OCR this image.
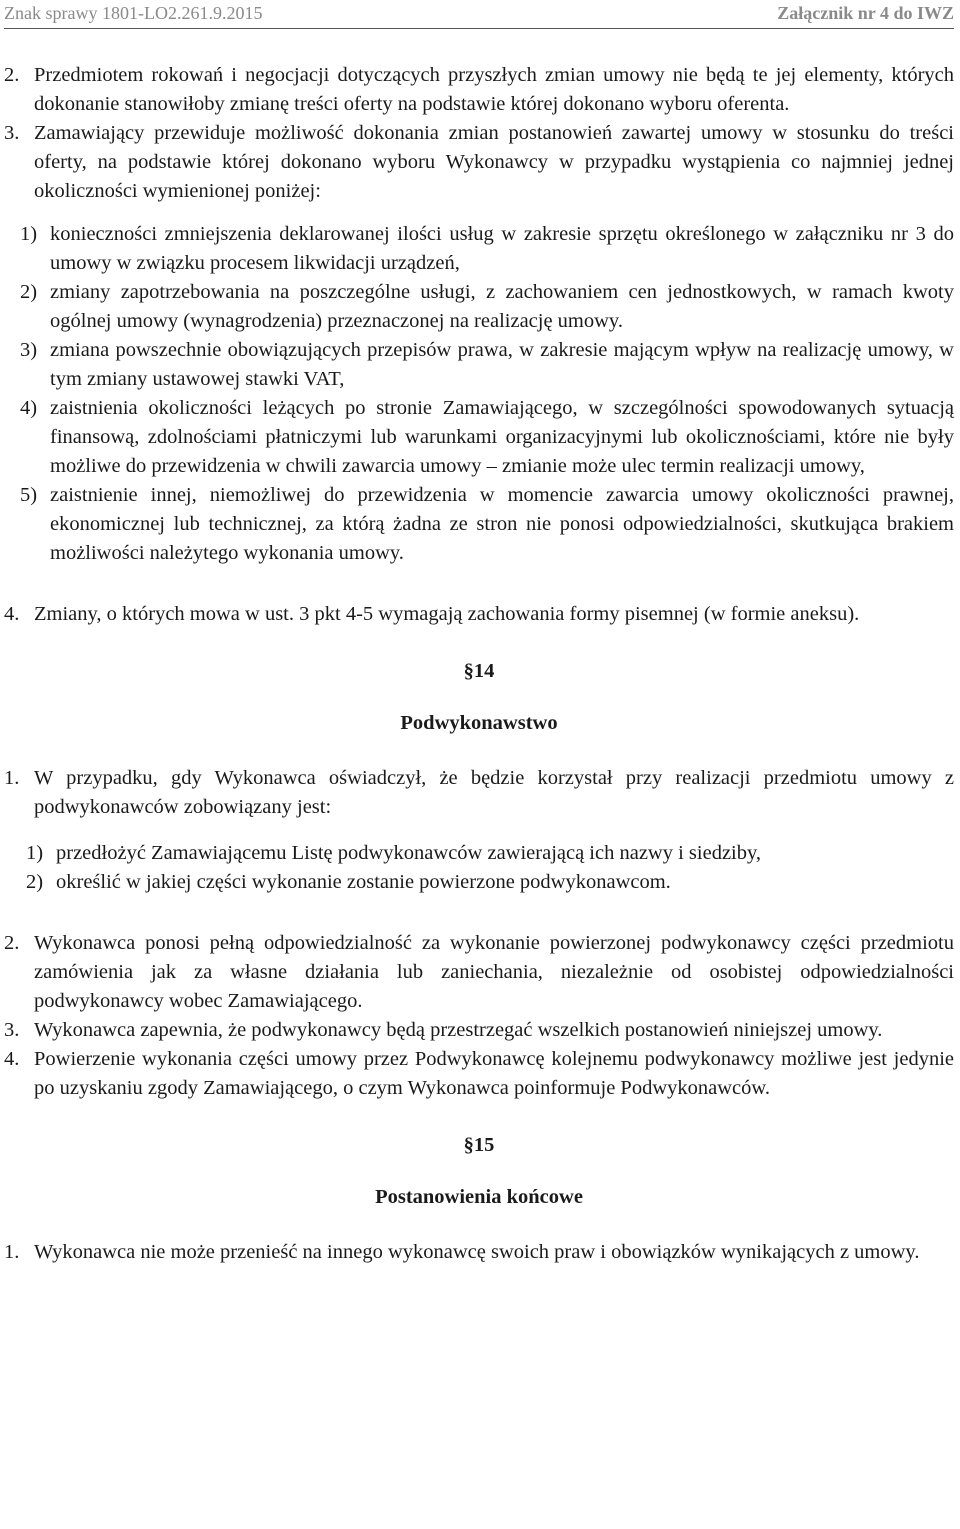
Znak sprawy 1801-LO2.261.9.2015	Załącznik nr 4 do IWZ
2. Przedmiotem rokowań i negocjacji dotyczących przyszłych zmian umowy nie będą te jej elementy, których dokonanie stanowiłoby zmianę treści oferty na podstawie której dokonano wyboru oferenta.
3. Zamawiający przewiduje możliwość dokonania zmian postanowień zawartej umowy w stosunku do treści oferty, na podstawie której dokonano wyboru Wykonawcy w przypadku wystąpienia co najmniej jednej okoliczności wymienionej poniżej:
1) konieczności zmniejszenia deklarowanej ilości usług w zakresie sprzętu określonego w załączniku nr 3 do umowy w związku procesem likwidacji urządzeń,
2) zmiany zapotrzebowania na poszczególne usługi, z zachowaniem cen jednostkowych, w ramach kwoty ogólnej umowy (wynagrodzenia) przeznaczonej na realizację umowy.
3) zmiana powszechnie obowiązujących przepisów prawa, w zakresie mającym wpływ na realizację umowy, w tym zmiany ustawowej stawki VAT,
4) zaistnienia okoliczności leżących po stronie Zamawiającego, w szczególności spowodowanych sytuacją finansową, zdolnościami płatniczymi lub warunkami organizacyjnymi lub okolicznościami, które nie były możliwe do przewidzenia w chwili zawarcia umowy – zmianie może ulec termin realizacji umowy,
5) zaistnienie innej, niemożliwej do przewidzenia w momencie zawarcia umowy okoliczności prawnej, ekonomicznej lub technicznej, za którą żadna ze stron nie ponosi odpowiedzialności, skutkująca brakiem możliwości należytego wykonania umowy.
4. Zmiany, o których mowa w ust. 3 pkt 4-5 wymagają zachowania formy pisemnej (w formie aneksu).
§14
Podwykonawstwo
1. W przypadku, gdy Wykonawca oświadczył, że będzie korzystał przy realizacji przedmiotu umowy z podwykonawców zobowiązany jest:
1) przedłożyć Zamawiającemu Listę podwykonawców zawierającą ich nazwy i siedziby,
2) określić w jakiej części wykonanie zostanie powierzone podwykonawcom.
2. Wykonawca ponosi pełną odpowiedzialność za wykonanie powierzonej podwykonawcy części przedmiotu zamówienia jak za własne działania lub zaniechania, niezależnie od osobistej odpowiedzialności podwykonawcy wobec Zamawiającego.
3. Wykonawca zapewnia, że podwykonawcy będą przestrzegać wszelkich postanowień niniejszej umowy.
4. Powierzenie wykonania części umowy przez Podwykonawcę kolejnemu podwykonawcy możliwe jest jedynie po uzyskaniu zgody Zamawiającego, o czym Wykonawca poinformuje Podwykonawców.
§15
Postanowienia końcowe
1. Wykonawca nie może przenieść na innego wykonawcę swoich praw i obowiązków wynikających z umowy.
